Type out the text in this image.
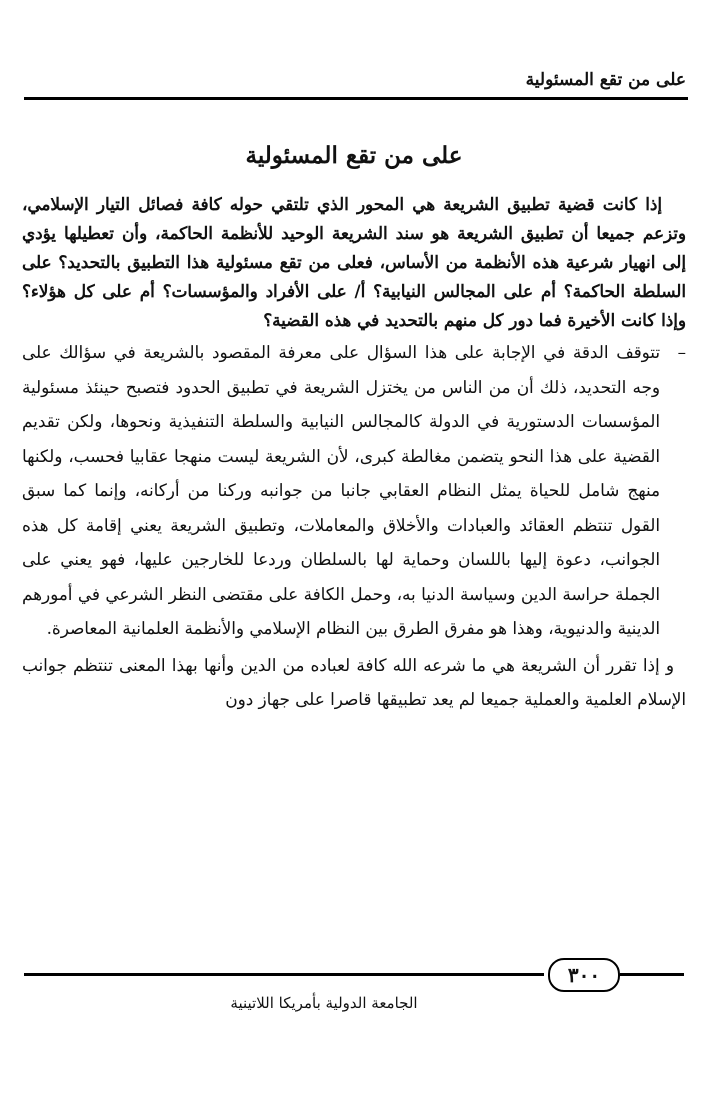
على من تقع المسئولية
على من تقع المسئولية

إذا كانت قضية تطبيق الشريعة هي المحور الذي تلتقي حوله كافة فصائل التيار الإسلامي، وتزعم جميعا أن تطبيق الشريعة هو سند الشريعة الوحيد للأنظمة الحاكمة، وأن تعطيلها يؤدي إلى انهيار شرعية هذه الأنظمة من الأساس، فعلى من تقع مسئولية هذا التطبيق بالتحديد؟ على السلطة الحاكمة؟ أم على المجالس النيابية؟ أ/ على الأفراد والمؤسسات؟ أم على كل هؤلاء؟ وإذا كانت الأخيرة فما دور كل منهم بالتحديد في هذه القضية؟

–
تتوقف الدقة في الإجابة على هذا السؤال على معرفة المقصود بالشريعة في سؤالك على وجه التحديد، ذلك أن من الناس من يختزل الشريعة في تطبيق الحدود فتصبح حينئذ مسئولية المؤسسات الدستورية في الدولة كالمجالس النيابية والسلطة التنفيذية ونحوها، ولكن تقديم القضية على هذا النحو يتضمن مغالطة كبرى، لأن الشريعة ليست منهجا عقابيا فحسب، ولكنها منهج شامل للحياة يمثل النظام العقابي جانبا من جوانبه وركنا من أركانه، وإنما كما سبق القول تنتظم العقائد والعبادات والأخلاق والمعاملات، وتطبيق الشريعة يعني إقامة كل هذه الجوانب، دعوة إليها باللسان وحماية لها بالسلطان وردعا للخارجين عليها، فهو يعني على الجملة حراسة الدين وسياسة الدنيا به، وحمل الكافة على مقتضى النظر الشرعي في أمورهم الدينية والدنيوية، وهذا هو مفرق الطرق بين النظام الإسلامي والأنظمة العلمانية المعاصرة.

و إذا تقرر أن الشريعة هي ما شرعه الله كافة لعباده من الدين وأنها بهذا المعنى تنتظم جوانب الإسلام العلمية والعملية جميعا لم يعد تطبيقها قاصرا على جهاز دون

٣٠٠
الجامعة الدولية بأمريكا اللاتينية
